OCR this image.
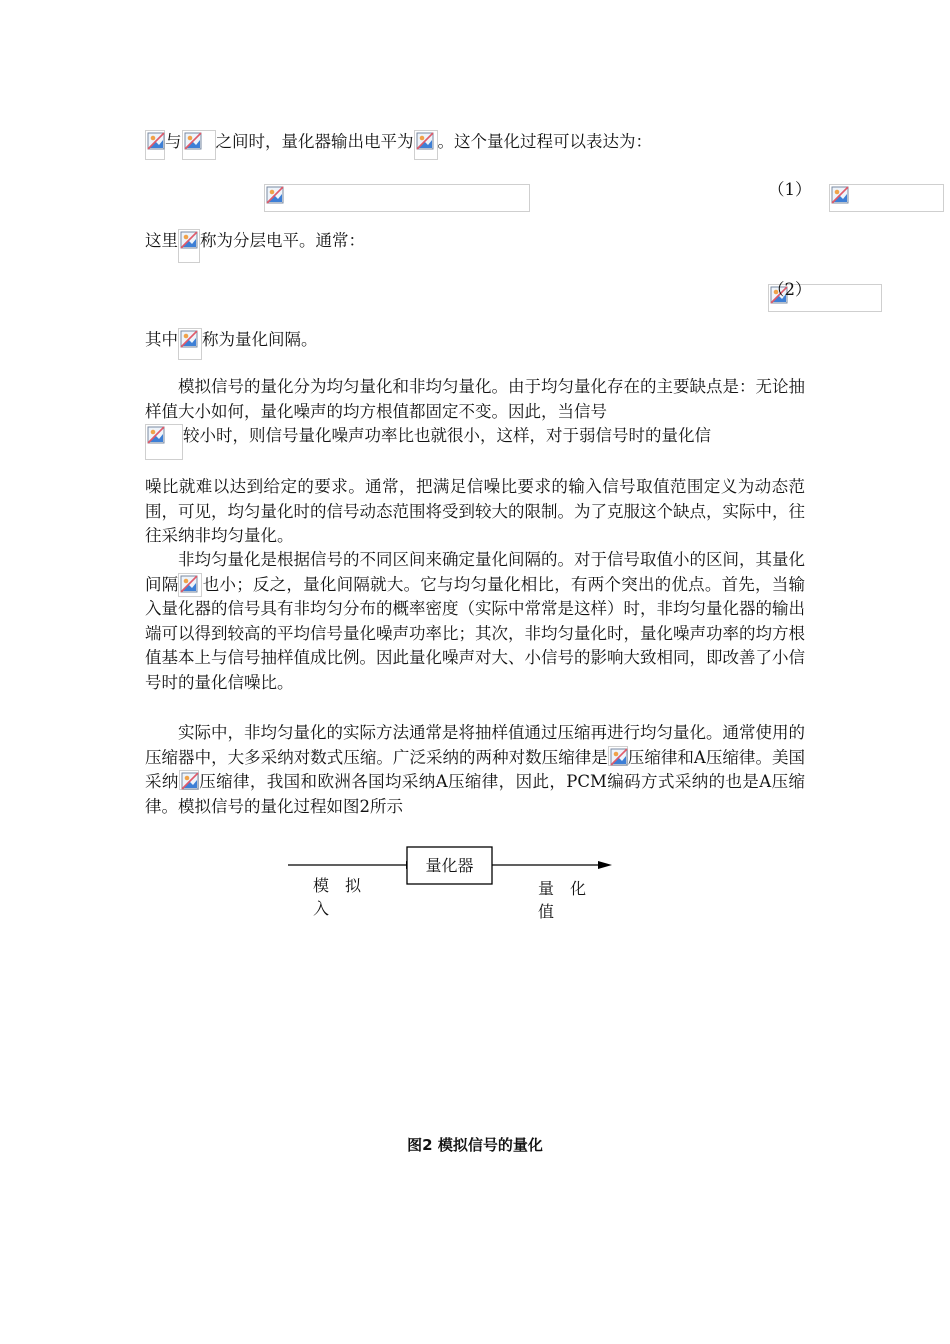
与 之间时，量化器输出电平为 。这个量化过程可以表达为：

（1）
这里 称为分层电平。通常：
（2）
其中 称为量化间隔。
模拟信号的量化分为均匀量化和非均匀量化。由于均匀量化存在的主要缺点是：无论抽样值大小如何，量化噪声的均方根值都固定不变。因此，当信号
较小时，则信号量化噪声功率比也就很小，这样，对于弱信号时的量化信
噪比就难以达到给定的要求。通常，把满足信噪比要求的输入信号取值范围定义为动态范围，可见，均匀量化时的信号动态范围将受到较大的限制。为了克服这个缺点，实际中，往往采纳非均匀量化。
非均匀量化是根据信号的不同区间来确定量化间隔的。对于信号取值小的区间，其量化间隔 也小；反之，量化间隔就大。它与均匀量化相比，有两个突出的优点。首先，当输入量化器的信号具有非均匀分布的概率密度（实际中常常是这样）时，非均匀量化器的输出端可以得到较高的平均信号量化噪声功率比；其次，非均匀量化时，量化噪声功率的均方根值基本上与信号抽样值成比例。因此量化噪声对大、小信号的影响大致相同，即改善了小信号时的量化信噪比。
实际中，非均匀量化的实际方法通常是将抽样值通过压缩再进行均匀量化。通常使用的压缩器中，大多采纳对数式压缩。广泛采纳的两种对数压缩律是 压缩律和A压缩律。美国采纳 压缩律，我国和欧洲各国均采纳A压缩律，因此，PCM编码方式采纳的也是A压缩律。模拟信号的量化过程如图2所示
量化器
模　拟
入
量　化
值
图2 模拟信号的量化
